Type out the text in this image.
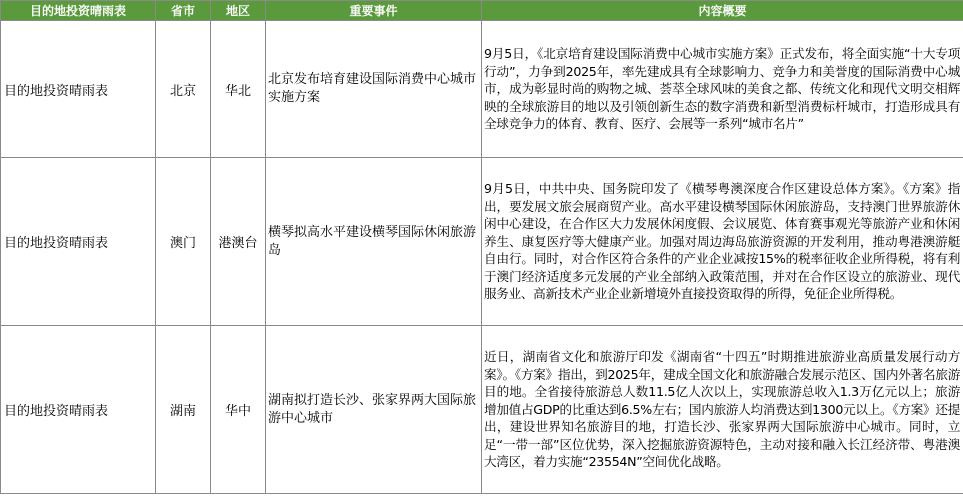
目的地投资晴雨表	省市	地区	重要事件	内容概要
目的地投资晴雨表	北京	华北	北京发布培育建设国际消费中心城市实施方案	9月5日，《北京培育建设国际消费中心城市实施方案》正式发布，将全面实施“十大专项行动”，力争到2025年，率先建成具有全球影响力、竞争力和美誉度的国际消费中心城市，成为彰显时尚的购物之城、荟萃全球风味的美食之都、传统文化和现代文明交相辉映的全球旅游目的地以及引领创新生态的数字消费和新型消费标杆城市，打造形成具有全球竞争力的体育、教育、医疗、会展等一系列“城市名片”
目的地投资晴雨表	澳门	港澳台	横琴拟高水平建设横琴国际休闲旅游岛	9月5日，中共中央、国务院印发了《横琴粤澳深度合作区建设总体方案》。《方案》指出，要发展文旅会展商贸产业。高水平建设横琴国际休闲旅游岛，支持澳门世界旅游休闲中心建设，在合作区大力发展休闲度假、会议展览、体育赛事观光等旅游产业和休闲养生、康复医疗等大健康产业。加强对周边海岛旅游资源的开发利用，推动粤港澳游艇自由行。同时，对合作区符合条件的产业企业减按15%的税率征收企业所得税，将有利于澳门经济适度多元发展的产业全部纳入政策范围，并对在合作区设立的旅游业、现代服务业、高新技术产业企业新增境外直接投资取得的所得，免征企业所得税。
目的地投资晴雨表	湖南	华中	湖南拟打造长沙、张家界两大国际旅游中心城市	近日，湖南省文化和旅游厅印发《湖南省“十四五”时期推进旅游业高质量发展行动方案》。《方案》指出，到2025年，建成全国文化和旅游融合发展示范区、国内外著名旅游目的地。全省接待旅游总人数11.5亿人次以上，实现旅游总收入1.3万亿元以上；旅游增加值占GDP的比重达到6.5%左右；国内旅游人均消费达到1300元以上。《方案》还提出，建设世界知名旅游目的地，打造长沙、张家界两大国际旅游中心城市。同时，立足“一带一部”区位优势，深入挖掘旅游资源特色，主动对接和融入长江经济带、粤港澳大湾区，着力实施“23554N”空间优化战略。
